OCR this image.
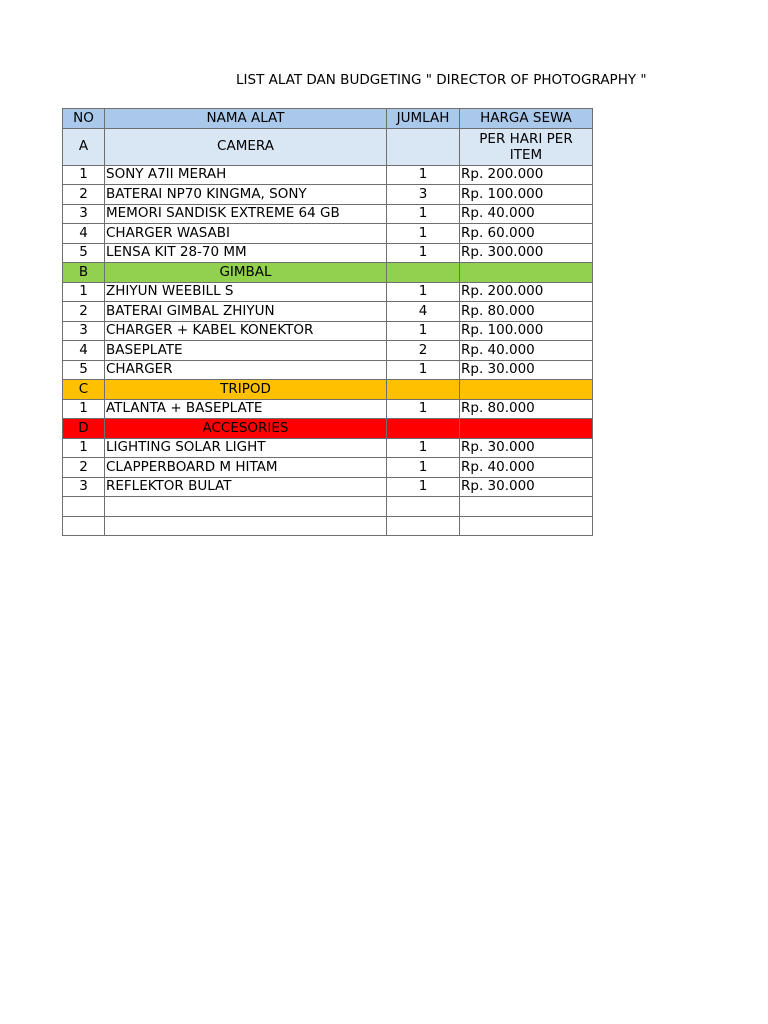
LIST ALAT DAN BUDGETING " DIRECTOR OF PHOTOGRAPHY "
NO	NAMA ALAT	JUMLAH	HARGA SEWA
A	CAMERA		PER HARI PER ITEM
1	SONY A7II MERAH	1	Rp. 200.000
2	BATERAI NP70 KINGMA, SONY	3	Rp. 100.000
3	MEMORI SANDISK EXTREME 64 GB	1	Rp. 40.000
4	CHARGER WASABI	1	Rp. 60.000
5	LENSA KIT 28-70 MM	1	Rp. 300.000
B	GIMBAL		
1	ZHIYUN WEEBILL S	1	Rp. 200.000
2	BATERAI GIMBAL ZHIYUN	4	Rp. 80.000
3	CHARGER + KABEL KONEKTOR	1	Rp. 100.000
4	BASEPLATE	2	Rp. 40.000
5	CHARGER	1	Rp. 30.000
C	TRIPOD		
1	ATLANTA + BASEPLATE	1	Rp. 80.000
D	ACCESORIES		
1	LIGHTING SOLAR LIGHT	1	Rp. 30.000
2	CLAPPERBOARD M HITAM	1	Rp. 40.000
3	REFLEKTOR BULAT	1	Rp. 30.000
